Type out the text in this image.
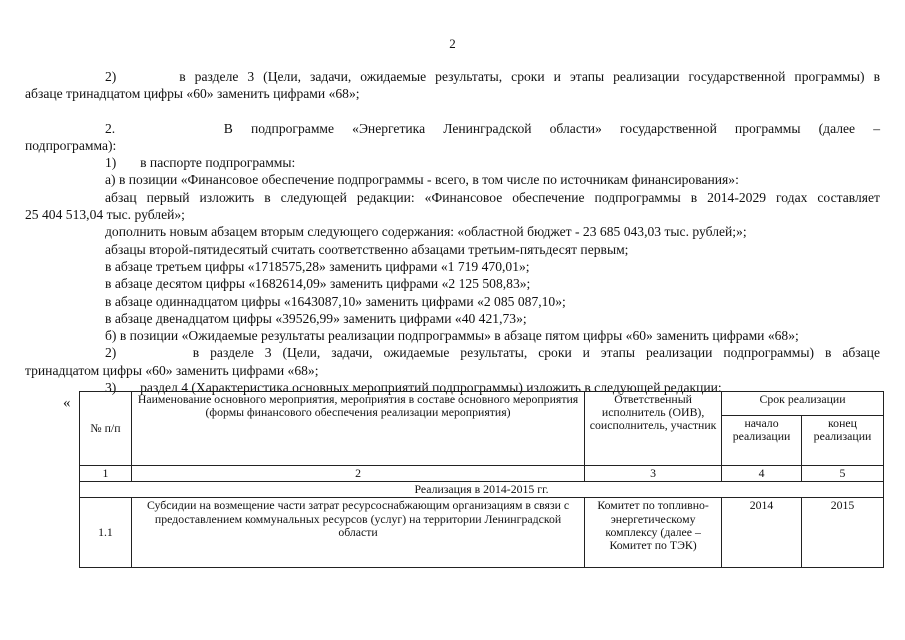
2

2)       в разделе 3 (Цели, задачи, ожидаемые результаты, сроки и этапы реализации государственной программы) в

абзаце тринадцатом цифры «60» заменить цифрами «68»;

2.      В подпрограмме «Энергетика Ленинградской области» государственной программы (далее –

подпрограмма):

1)       в паспорте подпрограммы:

а) в позиции «Финансовое обеспечение подпрограммы - всего, в том числе по источникам финансирования»:

абзац первый изложить в следующей редакции: «Финансовое обеспечение подпрограммы в 2014-2029 годах составляет

25 404 513,04 тыс. рублей»;

дополнить новым абзацем вторым следующего содержания: «областной бюджет - 23 685 043,03 тыс. рублей;»;

абзацы второй-пятидесятый считать соответственно абзацами третьим-пятьдесят первым;

в абзаце третьем цифры «1718575,28» заменить цифрами «1 719 470,01»;

в абзаце десятом цифры «1682614,09» заменить цифрами «2 125 508,83»;

в абзаце одиннадцатом цифры «1643087,10» заменить цифрами «2 085 087,10»;

в абзаце двенадцатом цифры «39526,99» заменить цифрами «40 421,73»;

б) в позиции «Ожидаемые результаты реализации подпрограммы» в абзаце пятом цифры «60» заменить цифрами «68»;

2)       в разделе 3 (Цели, задачи, ожидаемые результаты, сроки и этапы реализации подпрограммы) в абзаце

тринадцатом цифры «60» заменить цифрами «68»;

3)       раздел 4 (Характеристика основных мероприятий подпрограммы) изложить в следующей редакции:

«
№ п/п	Наименование основного мероприятия, мероприятия в составе основного мероприятия (формы финансового обеспечения реализации мероприятия)	Ответственный исполнитель (ОИВ), соисполнитель, участник	Срок реализации	
			начало реализации	конец реализации
1	2	3	4	5
Реализация в 2014-2015 гг.				
1.1	Субсидии на возмещение части затрат ресурсоснабжающим организациям в связи с предоставлением коммунальных ресурсов (услуг) на территории Ленинградской области	Комитет по топливно-энергетическому комплексу (далее – Комитет по ТЭК)	2014	2015
